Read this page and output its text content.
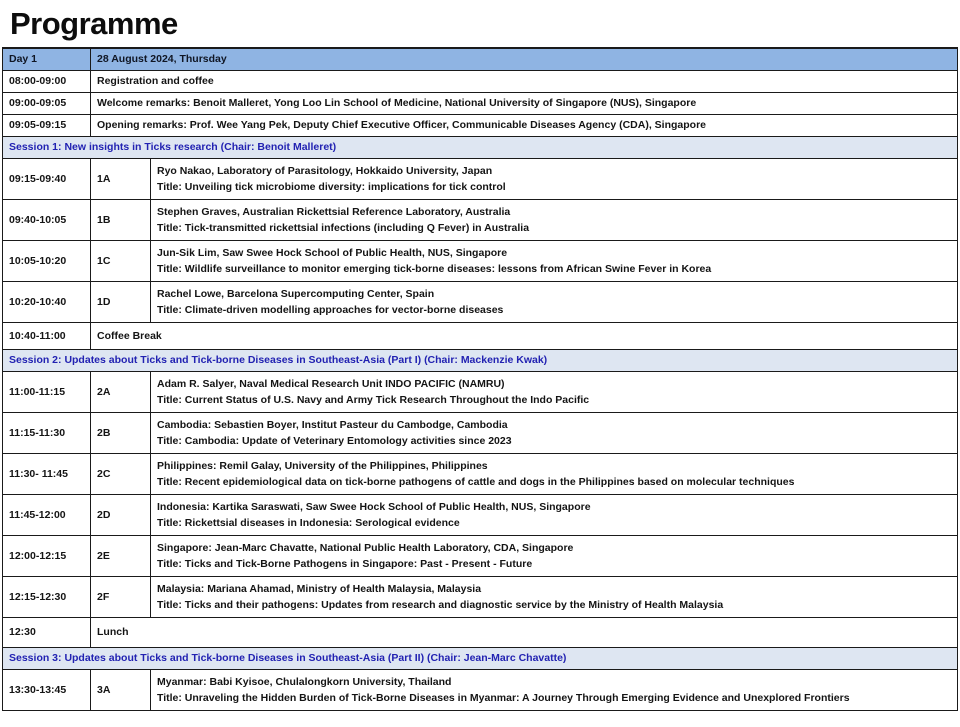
Programme
Day 1	28 August 2024, Thursday	
08:00-09:00	Registration and coffee	
09:00-09:05	Welcome remarks: Benoit Malleret, Yong Loo Lin School of Medicine, National University of Singapore (NUS), Singapore	
09:05-09:15	Opening remarks: Prof. Wee Yang Pek, Deputy Chief Executive Officer, Communicable Diseases Agency (CDA), Singapore	
Session 1: New insights in Ticks research (Chair: Benoit Malleret)		
09:15-09:40	1A	Ryo Nakao, Laboratory of Parasitology, Hokkaido University, Japan
Title: Unveiling tick microbiome diversity: implications for tick control

09:40-10:05	1B	Stephen Graves, Australian Rickettsial Reference Laboratory, Australia
Title: Tick-transmitted rickettsial infections (including Q Fever) in Australia

10:05-10:20	1C	Jun-Sik Lim, Saw Swee Hock School of Public Health, NUS, Singapore
Title: Wildlife surveillance to monitor emerging tick-borne diseases: lessons from African Swine Fever in Korea

10:20-10:40	1D	Rachel Lowe, Barcelona Supercomputing Center, Spain
Title: Climate-driven modelling approaches for vector-borne diseases

10:40-11:00	Coffee Break	
Session 2: Updates about Ticks and Tick-borne Diseases in Southeast-Asia (Part I) (Chair: Mackenzie Kwak)		
11:00-11:15	2A	Adam R. Salyer, Naval Medical Research Unit INDO PACIFIC (NAMRU)
Title: Current Status of U.S. Navy and Army Tick Research Throughout the Indo Pacific

11:15-11:30	2B	Cambodia: Sebastien Boyer, Institut Pasteur du Cambodge, Cambodia
Title: Cambodia: Update of Veterinary Entomology activities since 2023

11:30- 11:45	2C	Philippines: Remil Galay, University of the Philippines, Philippines
Title: Recent epidemiological data on tick-borne pathogens of cattle and dogs in the Philippines based on molecular techniques

11:45-12:00	2D	Indonesia: Kartika Saraswati, Saw Swee Hock School of Public Health, NUS, Singapore
Title: Rickettsial diseases in Indonesia: Serological evidence

12:00-12:15	2E	Singapore: Jean-Marc Chavatte, National Public Health Laboratory, CDA, Singapore
Title: Ticks and Tick-Borne Pathogens in Singapore: Past - Present - Future

12:15-12:30	2F	Malaysia: Mariana Ahamad, Ministry of Health Malaysia, Malaysia
Title: Ticks and their pathogens: Updates from research and diagnostic service by the Ministry of Health Malaysia

12:30	Lunch	
Session 3: Updates about Ticks and Tick-borne Diseases in Southeast-Asia (Part II) (Chair: Jean-Marc Chavatte)		
13:30-13:45	3A	Myanmar: Babi Kyisoe, Chulalongkorn University, Thailand
Title: Unraveling the Hidden Burden of Tick-Borne Diseases in Myanmar: A Journey Through Emerging Evidence and Unexplored Frontiers
